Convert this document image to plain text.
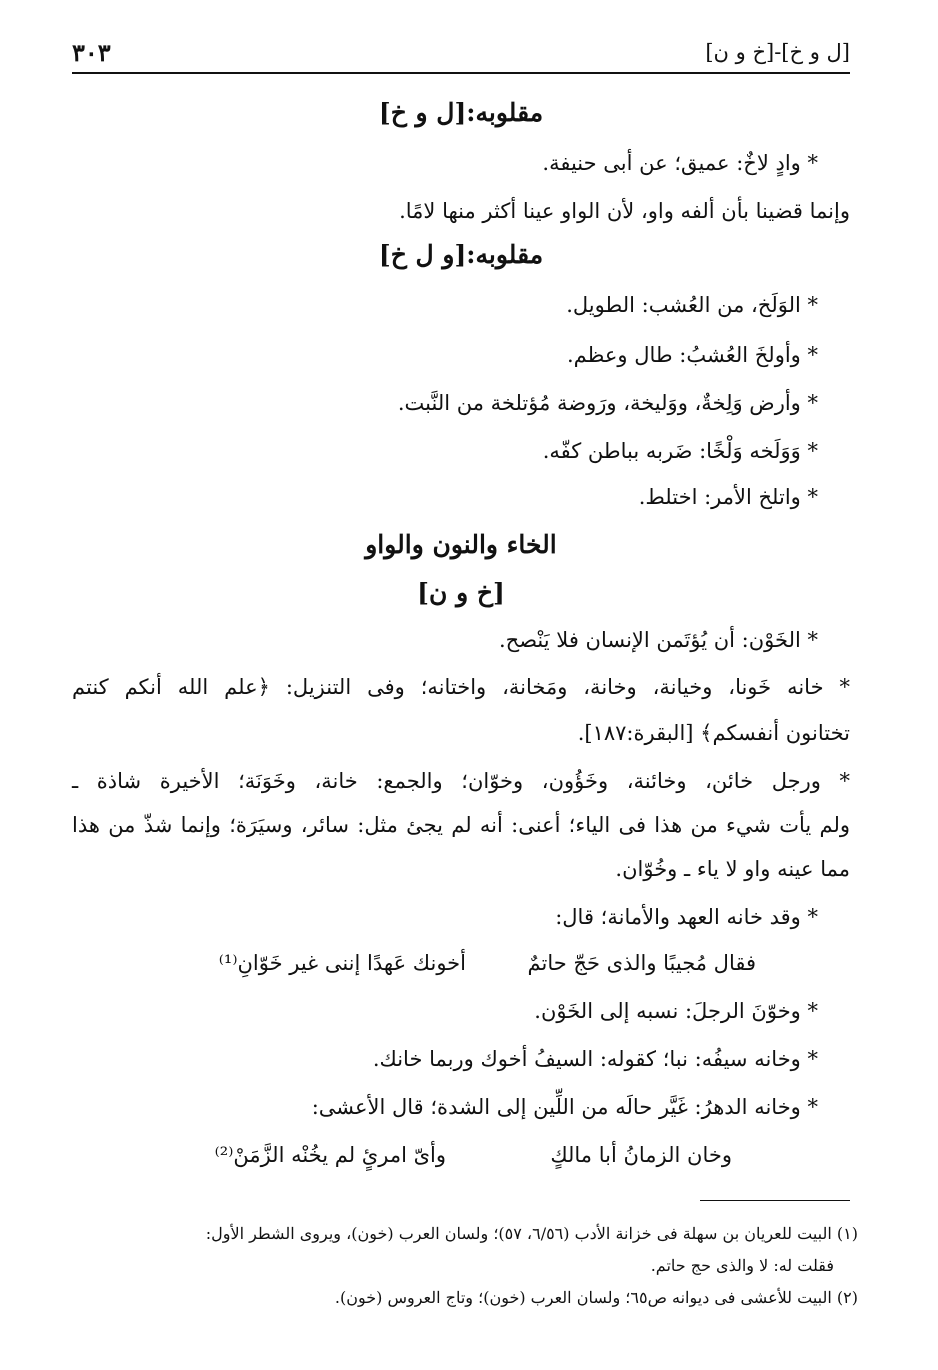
[ل و خ]-[خ و ن]
٣٠٣
مقلوبه:[ل و خ]
* وادٍ لاخٌ: عميق؛ عن أبى حنيفة.
وإنما قضينا بأن ألفه واو، لأن الواو عينا أكثر منها لامًا.
مقلوبه:[و ل خ]
* الوَلَخ، من العُشب: الطويل.
* وأولخَ العُشبُ: طال وعظم.
* وأرض وَلِخةٌ، ووَليخة، ورَوضة مُؤتلخة من النَّبت.
* وَوَلَخه وَلْخًا: ضَربه بباطن كفّه.
* واتلخ الأمر: اختلط.
الخاء والنون والواو
[خ و ن]
* الخَوْن: أن يُؤتَمن الإنسان فلا يَنْصح.
* خانه خَونا، وخيانة، وخانة، ومَخانة، واختانه؛ وفى التنزيل: ﴿علم الله أنكم كنتم
تختانون أنفسكم﴾ [البقرة:١٨٧].
* ورجل خائن، وخائنة، وخَؤُون، وخوّان؛ والجمع: خانة، وخَوَنَة؛ الأخيرة شاذة ـ
ولم يأت شيء من هذا فى الياء؛ أعنى: أنه لم يجئ مثل: سائر، وسيَرَة؛ وإنما شذّ من هذا
مما عينه واو لا ياء ـ وخُوّان.
* وقد خانه العهد والأمانة؛ قال:
فقال مُجيبًا والذى حَجّ حاتمٌ
أخونك عَهدًا إننى غير خَوّانِ⁽¹⁾
* وخوّنَ الرجلَ: نسبه إلى الخَوْن.
* وخانه سيفُه: نبا؛ كقوله: السيفُ أخوك وربما خانك.
* وخانه الدهرُ: غَيَّر حالَه من اللِّين إلى الشدة؛ قال الأعشى:
وخان الزمانُ أبا مالكٍ
وأىّ امرئٍ لم يخُنْه الزَّمَنْ⁽²⁾
(١) البيت للعريان بن سهلة فى خزانة الأدب (٦/٥٦، ٥٧)؛ ولسان العرب (خون)، ويروى الشطر الأول:
فقلت له: لا والذى حج حاتم.
(٢) البيت للأعشى فى ديوانه ص٦٥؛ ولسان العرب (خون)؛ وتاج العروس (خون).
